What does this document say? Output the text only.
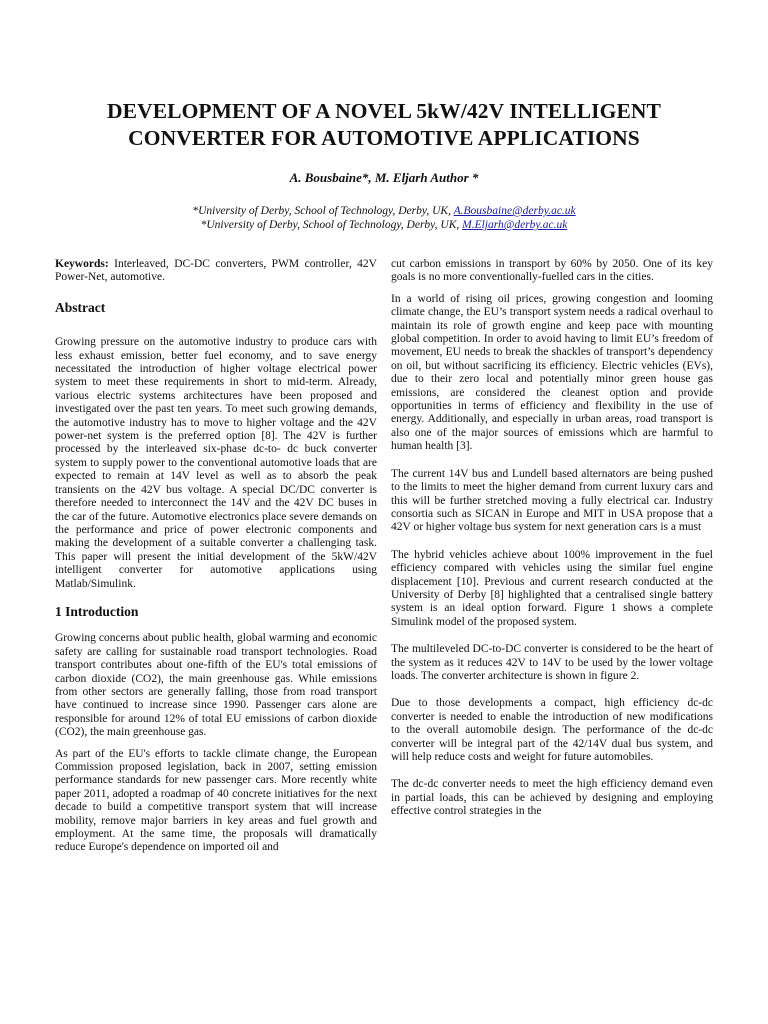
DEVELOPMENT OF A NOVEL 5kW/42V INTELLIGENT
CONVERTER FOR AUTOMOTIVE APPLICATIONS
A. Bousbaine*, M. Eljarh Author *
*University of Derby, School of Technology, Derby, UK, A.Bousbaine@derby.ac.uk
*University of Derby, School of Technology, Derby, UK, M.Eljarh@derby.ac.uk

Keywords: Interleaved, DC-DC converters, PWM controller, 42V Power-Net, automotive.

Abstract

Growing pressure on the automotive industry to produce cars with less exhaust emission, better fuel economy, and to save energy necessitated the introduction of higher voltage electrical power system to meet these requirements in short to mid-term. Already, various electric systems architectures have been proposed and investigated over the past ten years. To meet such growing demands, the automotive industry has to move to higher voltage and the 42V power-net system is the preferred option [8]. The 42V is further processed by the interleaved six-phase dc-to- dc buck converter system to supply power to the conventional automotive loads that are expected to remain at 14V level as well as to absorb the peak transients on the 42V bus voltage. A special DC/DC converter is therefore needed to interconnect the 14V and the 42V DC buses in the car of the future. Automotive electronics place severe demands on the performance and price of power electronic components and making the development of a suitable converter a challenging task. This paper will present the initial development of the 5kW/42V intelligent converter for automotive applications using Matlab/Simulink.

1 Introduction

Growing concerns about public health, global warming and economic safety are calling for sustainable road transport technologies. Road transport contributes about one-fifth of the EU's total emissions of carbon dioxide (CO2), the main greenhouse gas. While emissions from other sectors are generally falling, those from road transport have continued to increase since 1990. Passenger cars alone are responsible for around 12% of total EU emissions of carbon dioxide (CO2), the main greenhouse gas.

As part of the EU's efforts to tackle climate change, the European Commission proposed legislation, back in 2007, setting emission performance standards for new passenger cars. More recently white paper 2011, adopted a roadmap of 40 concrete initiatives for the next decade to build a competitive transport system that will increase mobility, remove major barriers in key areas and fuel growth and employment. At the same time, the proposals will dramatically reduce Europe's dependence on imported oil and

cut carbon emissions in transport by 60% by 2050. One of its key goals is no more conventionally-fuelled cars in the cities.

In a world of rising oil prices, growing congestion and looming climate change, the EU’s transport system needs a radical overhaul to maintain its role of growth engine and keep pace with mounting global competition. In order to avoid having to limit EU’s freedom of movement, EU needs to break the shackles of transport’s dependency on oil, but without sacrificing its efficiency. Electric vehicles (EVs), due to their zero local and potentially minor green house gas emissions, are considered the cleanest option and provide opportunities in terms of efficiency and flexibility in the use of energy. Additionally, and especially in urban areas, road transport is also one of the major sources of emissions which are harmful to human health [3].

The current 14V bus and Lundell based alternators are being pushed to the limits to meet the higher demand from current luxury cars and this will be further stretched moving a fully electrical car. Industry consortia such as SICAN in Europe and MIT in USA propose that a 42V or higher voltage bus system for next generation cars is a must

The hybrid vehicles achieve about 100% improvement in the fuel efficiency compared with vehicles using the similar fuel engine displacement [10]. Previous and current research conducted at the University of Derby [8] highlighted that a centralised single battery system is an ideal option forward. Figure 1 shows a complete Simulink model of the proposed system.

The multileveled DC-to-DC converter is considered to be the heart of the system as it reduces 42V to 14V to be used by the lower voltage loads. The converter architecture is shown in figure 2.

Due to those developments a compact, high efficiency dc-dc converter is needed to enable the introduction of new modifications to the overall automobile design. The performance of the dc-dc converter will be integral part of the 42/14V dual bus system, and will help reduce costs and weight for future automobiles.

The dc-dc converter needs to meet the high efficiency demand even in partial loads, this can be achieved by designing and employing effective control strategies in the
